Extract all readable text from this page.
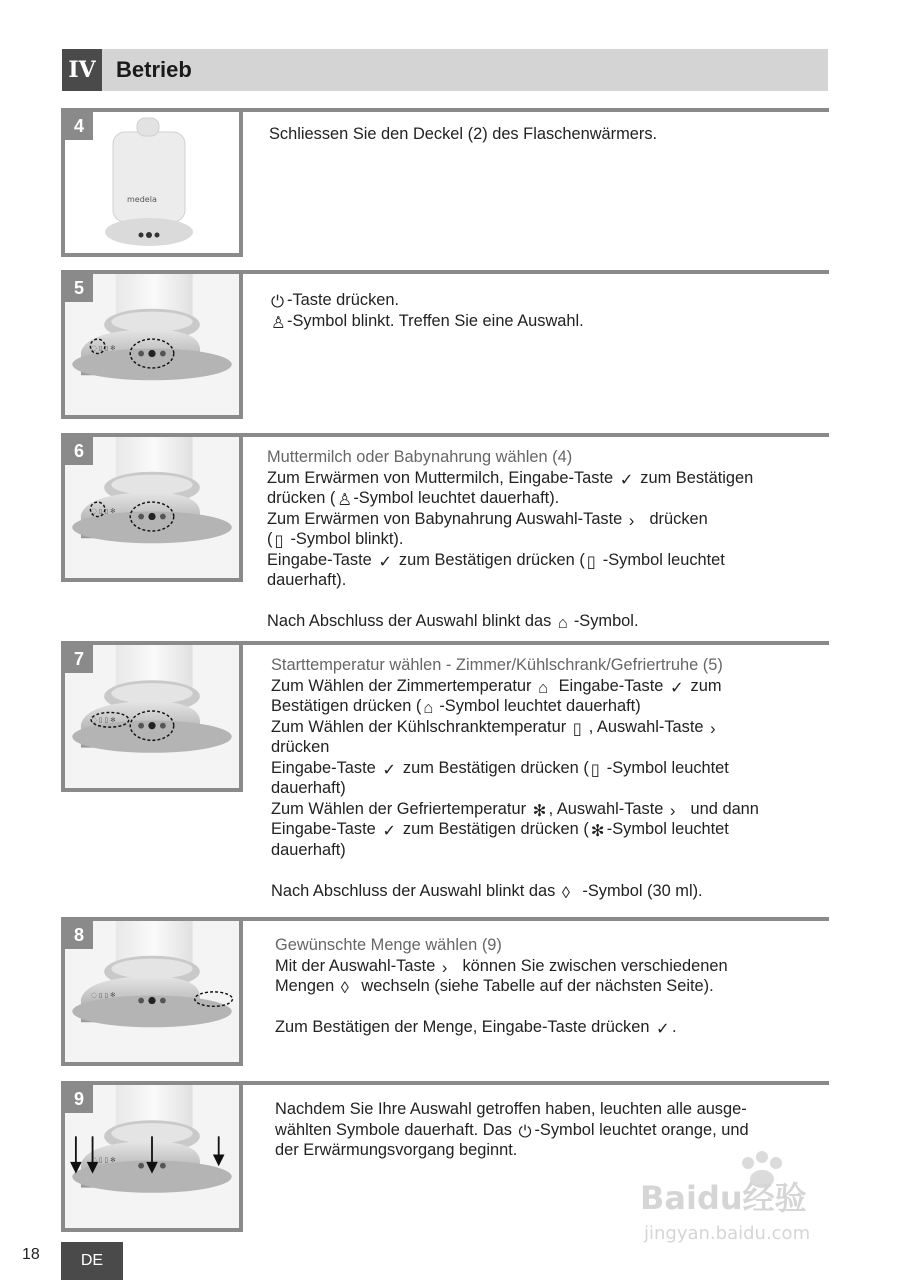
IV Betrieb
4
medela

Schliessen Sie den Deckel (2) des Flaschenwärmers.

5

⏻ -Taste drücken.

♙-Symbol blinkt. Treffen Sie eine Auswahl.

6	Muttermilch oder Babynahrung wählen (4)

Zum Erwärmen von Muttermilch, Eingabe-Taste ✓ zum Bestätigen

drücken ( ♙-Symbol leuchtet dauerhaft).

Zum Erwärmen von Babynahrung Auswahl-Taste › drücken

( ▯ -Symbol blinkt).

Eingabe-Taste ✓ zum Bestätigen drücken ( ▯ -Symbol leuchtet

dauerhaft).

Nach Abschluss der Auswahl blinkt das ⌂ -Symbol.

7	Starttemperatur wählen - Zimmer/Kühlschrank/Gefriertruhe (5)

Zum Wählen der Zimmertemperatur ⌂ Eingabe-Taste ✓ zum

Bestätigen drücken ( ⌂ -Symbol leuchtet dauerhaft)

Zum Wählen der Kühlschranktemperatur ▯ , Auswahl-Taste ›

drücken

Eingabe-Taste ✓ zum Bestätigen drücken ( ▯ -Symbol leuchtet

dauerhaft)

Zum Wählen der Gefriertemperatur ✻ , Auswahl-Taste › und dann

Eingabe-Taste ✓ zum Bestätigen drücken ( ✻ -Symbol leuchtet

dauerhaft)

Nach Abschluss der Auswahl blinkt das ◊ -Symbol (30 ml).

8

Gewünschte Menge wählen (9)

Mit der Auswahl-Taste › können Sie zwischen verschiedenen

Mengen ◊ wechseln (siehe Tabelle auf der nächsten Seite).

Zum Bestätigen der Menge, Eingabe-Taste drücken ✓ .

9

Nachdem Sie Ihre Auswahl getroffen haben, leuchten alle ausge-

wählten Symbole dauerhaft. Das ⏻ -Symbol leuchtet orange, und

der Erwärmungsvorgang beginnt.

Baidu经验
jingyan.baidu.com
18	DE
